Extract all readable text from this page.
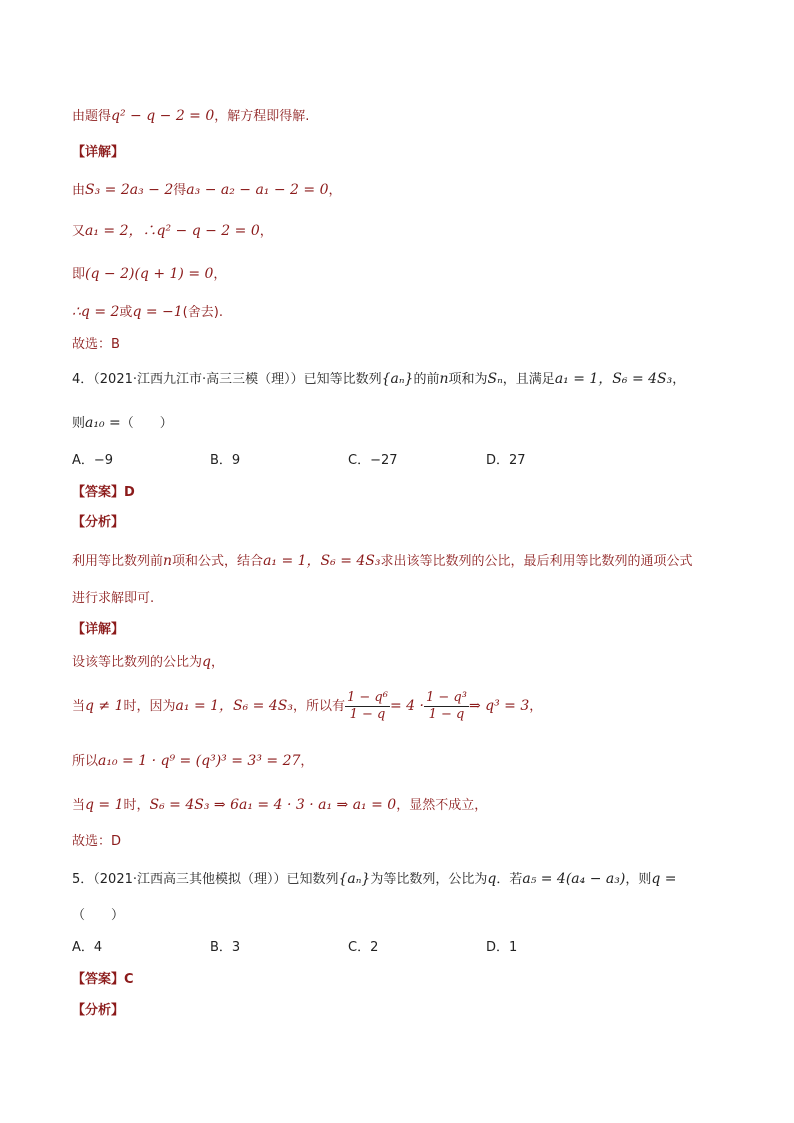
由题得q² − q − 2 = 0，解方程即得解.
【详解】
由S₃ = 2a₃ − 2得a₃ − a₂ − a₁ − 2 = 0，
又a₁ = 2，∴q² − q − 2 = 0，
即(q − 2)(q + 1) = 0，
∴q = 2或q = −1(舍去).
故选：B
4．（2021·江西九江市·高三三模（理））已知等比数列{aₙ}的前n项和为Sₙ，且满足a₁ = 1，S₆ = 4S₃，
则a₁₀ =（　　）
A．−9	B．9	C．−27	D．27
【答案】D
【分析】
利用等比数列前n项和公式，结合a₁ = 1，S₆ = 4S₃求出该等比数列的公比，最后利用等比数列的通项公式
进行求解即可.
【详解】
设该等比数列的公比为q，
当q ≠ 1时，因为a₁ = 1，S₆ = 4S₃，所以有 $\frac{\text{1 − q⁶}}{1 - q} = 4 \cdot \frac{\text{1 − q³}}{1 - q}$ ⇒ q³ = 3，
所以a₁₀ = 1 · q⁹ = (q³)³ = 3³ = 27，
当q = 1时，S₆ = 4S₃ ⇒ 6a₁ = 4 · 3 · a₁ ⇒ a₁ = 0，显然不成立，
故选：D
5．（2021·江西高三其他模拟（理））已知数列{aₙ}为等比数列，公比为q．若a₅ = 4(a₄ − a₃)，则q =
（　　）
A．4	B．3	C．2	D．1
【答案】C
【分析】
